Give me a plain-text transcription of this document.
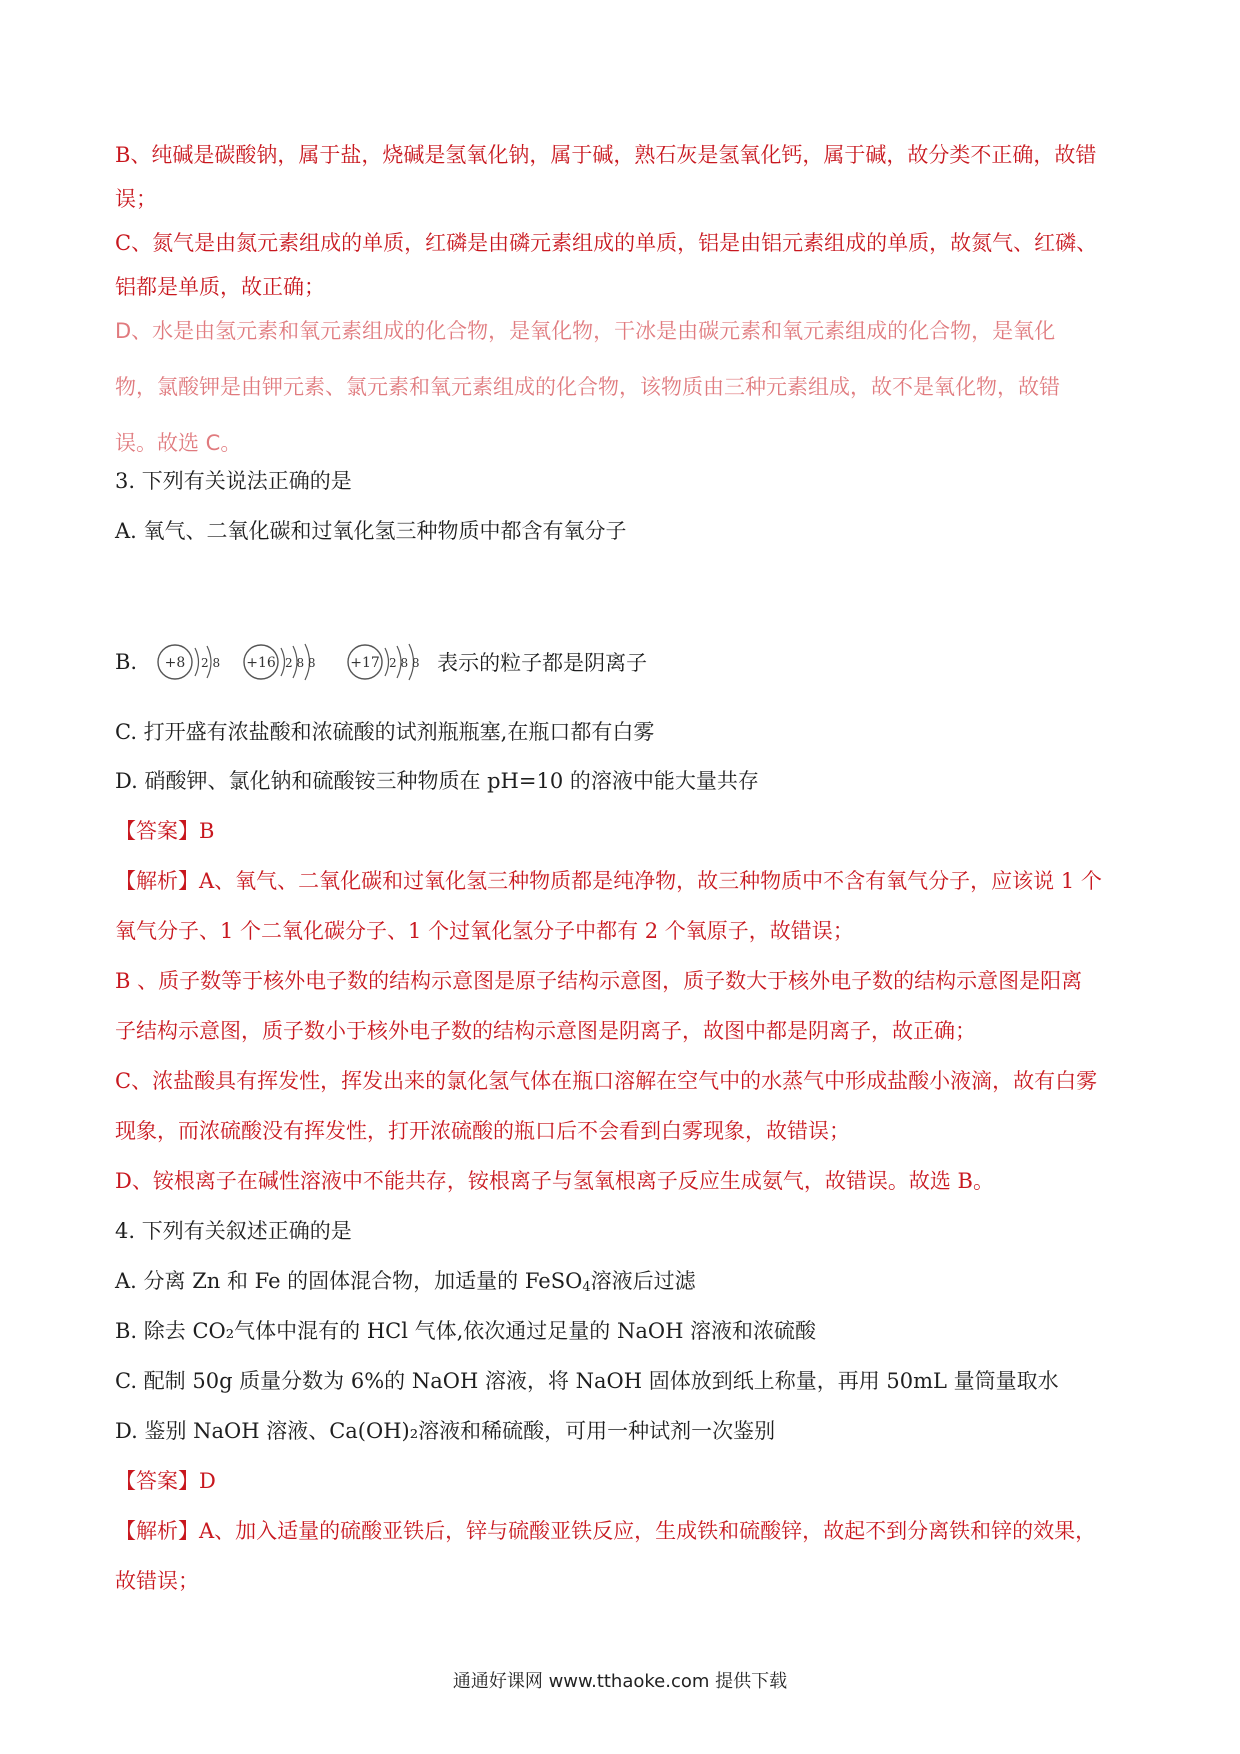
B、纯碱是碳酸钠，属于盐，烧碱是氢氧化钠，属于碱，熟石灰是氢氧化钙，属于碱，故分类不正确，故错
误；
C、氮气是由氮元素组成的单质，红磷是由磷元素组成的单质，铝是由铝元素组成的单质，故氮气、红磷、
铝都是单质，故正确；
D、水是由氢元素和氧元素组成的化合物，是氧化物，干冰是由碳元素和氧元素组成的化合物，是氧化
物，氯酸钾是由钾元素、氯元素和氧元素组成的化合物，该物质由三种元素组成，故不是氧化物，故错
误。故选 C。
3. 下列有关说法正确的是
A. 氧气、二氧化碳和过氧化氢三种物质中都含有氧分子
B. +8 2 8 +16 2 8 8 +17 2 8 8 表示的粒子都是阴离子
C. 打开盛有浓盐酸和浓硫酸的试剂瓶瓶塞,在瓶口都有白雾
D. 硝酸钾、氯化钠和硫酸铵三种物质在 pH=10 的溶液中能大量共存
【答案】B
【解析】A、氧气、二氧化碳和过氧化氢三种物质都是纯净物，故三种物质中不含有氧气分子，应该说 1 个
氧气分子、1 个二氧化碳分子、1 个过氧化氢分子中都有 2 个氧原子，故错误；
B 、质子数等于核外电子数的结构示意图是原子结构示意图，质子数大于核外电子数的结构示意图是阳离
子结构示意图，质子数小于核外电子数的结构示意图是阴离子，故图中都是阴离子，故正确；
C、浓盐酸具有挥发性，挥发出来的氯化氢气体在瓶口溶解在空气中的水蒸气中形成盐酸小液滴，故有白雾
现象，而浓硫酸没有挥发性，打开浓硫酸的瓶口后不会看到白雾现象，故错误；
D、铵根离子在碱性溶液中不能共存，铵根离子与氢氧根离子反应生成氨气，故错误。故选 B。
4. 下列有关叙述正确的是
A. 分离 Zn 和 Fe 的固体混合物，加适量的 FeSO$_4$溶液后过滤
B. 除去 CO₂气体中混有的 HCl 气体,依次通过足量的 NaOH 溶液和浓硫酸
C. 配制 50g 质量分数为 6%的 NaOH 溶液，将 NaOH 固体放到纸上称量，再用 50mL 量筒量取水
D. 鉴别 NaOH 溶液、Ca(OH)₂溶液和稀硫酸，可用一种试剂一次鉴别
【答案】D
【解析】A、加入适量的硫酸亚铁后，锌与硫酸亚铁反应，生成铁和硫酸锌，故起不到分离铁和锌的效果，
故错误；
通通好课网 www.tthaoke.com 提供下载
